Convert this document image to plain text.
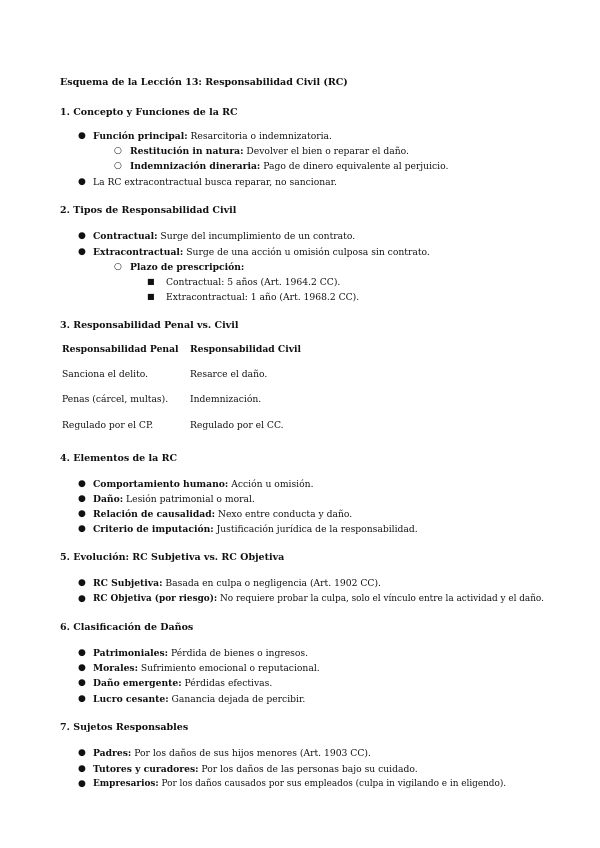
Esquema de la Lección 13: Responsabilidad Civil (RC)
1. Concepto y Funciones de la RC
● Función principal: Resarcitoria o indemnizatoria.
○ Restitución in natura: Devolver el bien o reparar el daño.
○ Indemnización dineraria: Pago de dinero equivalente al perjuicio.
● La RC extracontractual busca reparar, no sancionar.
2. Tipos de Responsabilidad Civil
● Contractual: Surge del incumplimiento de un contrato.
● Extracontractual: Surge de una acción u omisión culposa sin contrato.
○ Plazo de prescripción:
■ Contractual: 5 años (Art. 1964.2 CC).
■ Extracontractual: 1 año (Art. 1968.2 CC).
3. Responsabilidad Penal vs. Civil
Responsabilidad Penal Responsabilidad Civil
Sanciona el delito.	Resarce el daño.
Penas (cárcel, multas). Indemnización.
Regulado por el CP.	Regulado por el CC.
4. Elementos de la RC
● Comportamiento humano: Acción u omisión.
● Daño: Lesión patrimonial o moral.
● Relación de causalidad: Nexo entre conducta y daño.
● Criterio de imputación: Justificación jurídica de la responsabilidad.
5. Evolución: RC Subjetiva vs. RC Objetiva
● RC Subjetiva: Basada en culpa o negligencia (Art. 1902 CC).
● RC Objetiva (por riesgo): No requiere probar la culpa, solo el vínculo entre la actividad y el daño.
6. Clasificación de Daños
● Patrimoniales: Pérdida de bienes o ingresos.
● Morales: Sufrimiento emocional o reputacional.
● Daño emergente: Pérdidas efectivas.
● Lucro cesante: Ganancia dejada de percibir.
7. Sujetos Responsables
● Padres: Por los daños de sus hijos menores (Art. 1903 CC).
● Tutores y curadores: Por los daños de las personas bajo su cuidado.
● Empresarios: Por los daños causados por sus empleados (culpa in vigilando e in eligendo).
